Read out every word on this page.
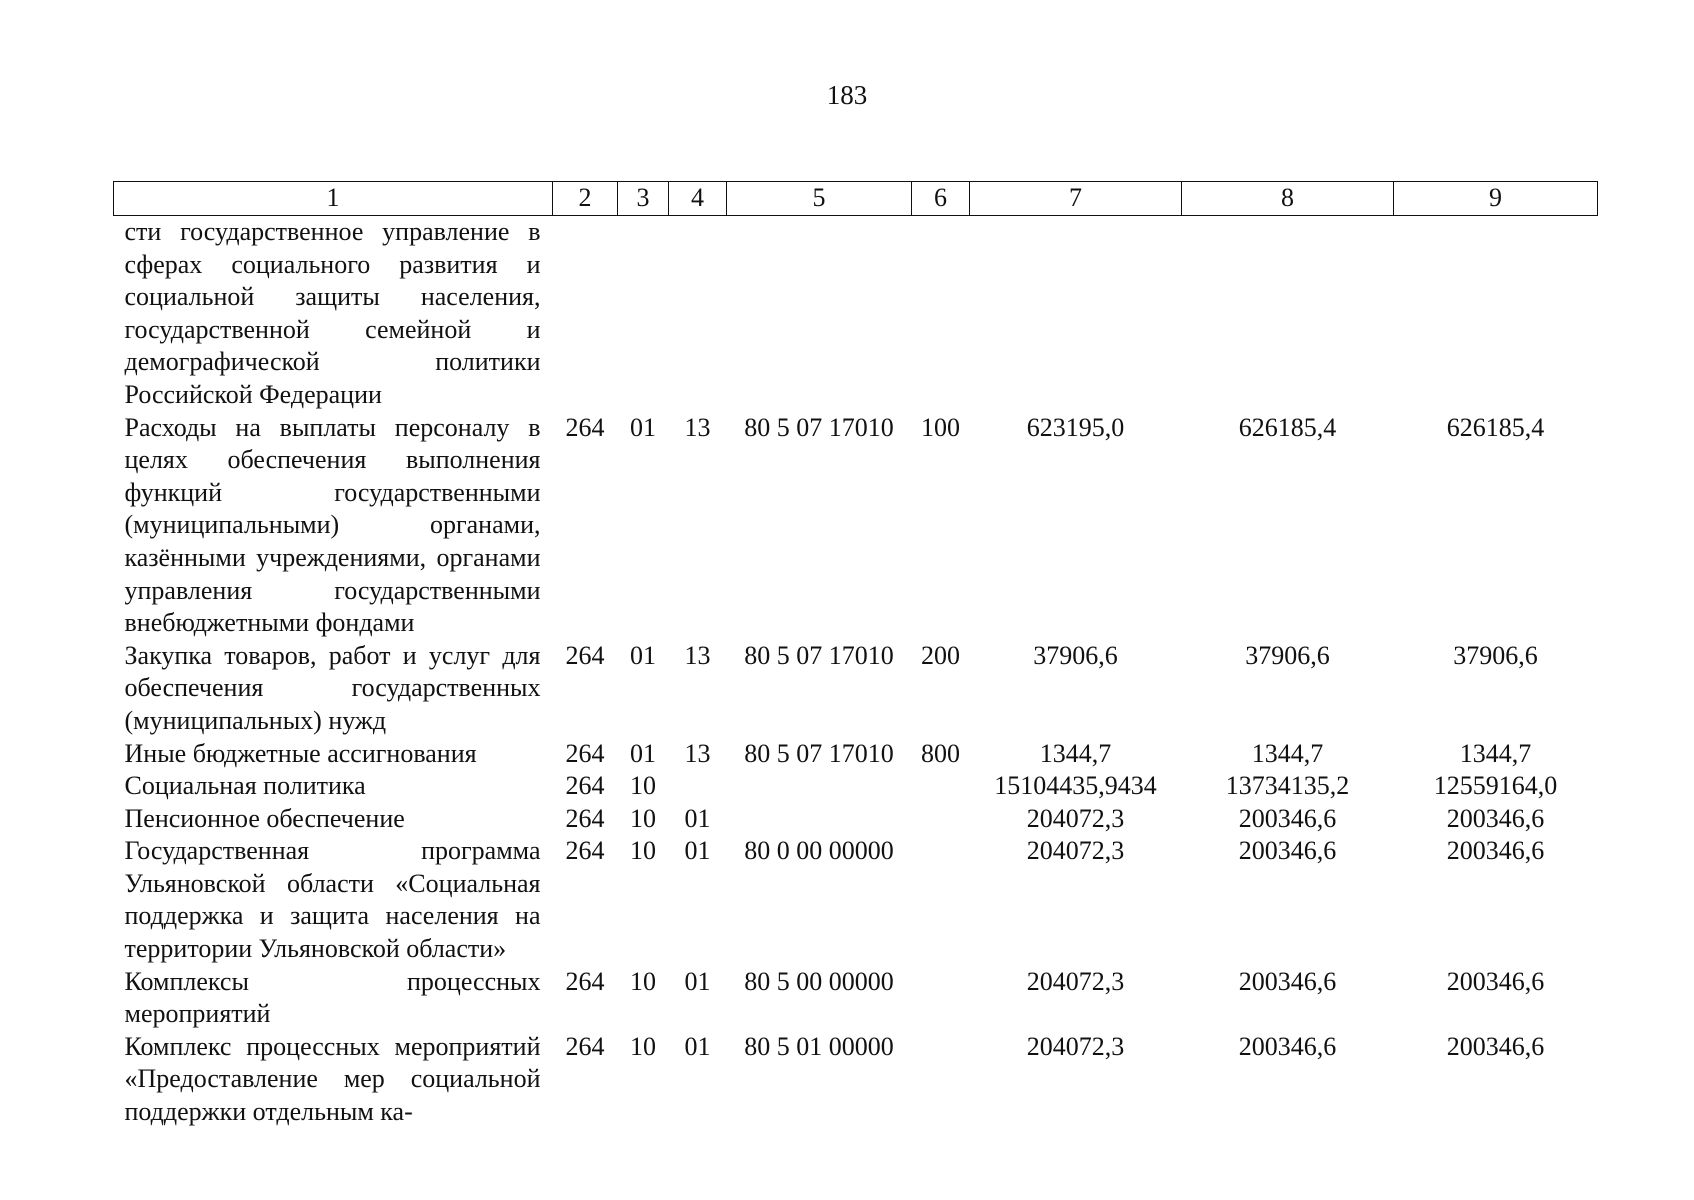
183
1	2	3	4	5	6	7	8	9
сти государственное управление в сферах социального развития и социальной защиты населения, государственной семейной и демографической политики Российской Федерации								
Расходы на выплаты персоналу в целях обеспечения выполнения функций государственными (муниципальными) органами, казёнными учреждениями, органами управления государственными внебюджетными фондами	264	01	13	80 5 07 17010	100	623195,0	626185,4	626185,4
Закупка товаров, работ и услуг для обеспечения государственных (муниципальных) нужд	264	01	13	80 5 07 17010	200	37906,6	37906,6	37906,6
Иные бюджетные ассигнования	264	01	13	80 5 07 17010	800	1344,7	1344,7	1344,7
Социальная политика	264	10				15104435,9434	13734135,2	12559164,0
Пенсионное обеспечение	264	10	01			204072,3	200346,6	200346,6
Государственная программа Ульяновской области «Социальная поддержка и защита населения на территории Ульяновской области»	264	10	01	80 0 00 00000		204072,3	200346,6	200346,6
Комплексы процессных мероприятий	264	10	01	80 5 00 00000		204072,3	200346,6	200346,6
Комплекс процессных мероприятий «Предоставление мер социальной поддержки отдельным ка-	264	10	01	80 5 01 00000		204072,3	200346,6	200346,6
